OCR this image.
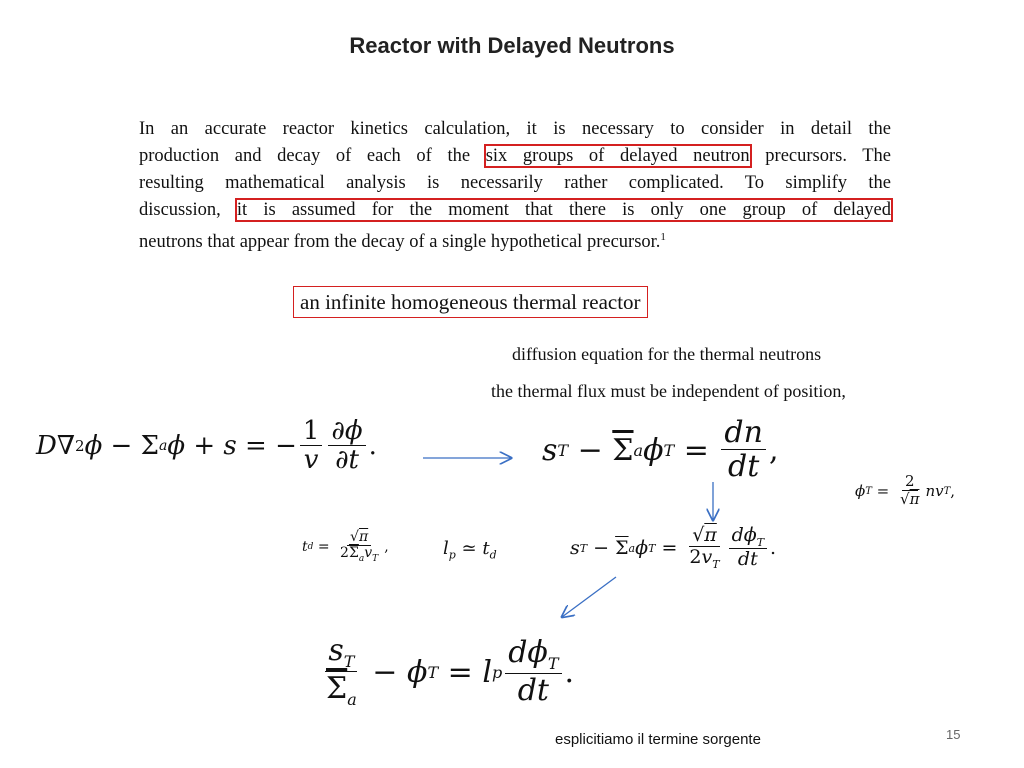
Reactor with Delayed Neutrons
In an accurate reactor kinetics calculation, it is necessary to consider in detail the
production and decay of each of the six groups of delayed neutron precursors. The
resulting mathematical analysis is necessarily rather complicated. To simplify the
discussion, it is assumed for the moment that there is only one group of delayed
neutrons that appear from the decay of a single hypothetical precursor.$^1$
an infinite homogeneous thermal reactor
diffusion equation for the thermal neutrons
the thermal flux must be independent of position,
D ∇ 2 ϕ − Σ a ϕ + s = − $\frac{1}{v} \frac{\partial\phi}{\partial t}$ .	s $T - \overline{\Sigma}$ a ϕ $T = \frac{dn}{dt}$ ,
ϕ $T = \frac{2}{√\pi}$ nv T ,
t $d = \frac{√\pi}{2\overline{\Sigma}_av_T}$ ,	$l_p$ ≃ $t_d$	s $T - \overline{\Sigma}$ a ϕ $T = \frac{√\pi}{2v_T} \frac{d\phi_T}{dt}$ .
$\frac{s_T}{\overline{\Sigma}_a} - \phi$ T = l p $\frac{d\phi_T}{dt}$ .
esplicitiamo il termine sorgente	15
